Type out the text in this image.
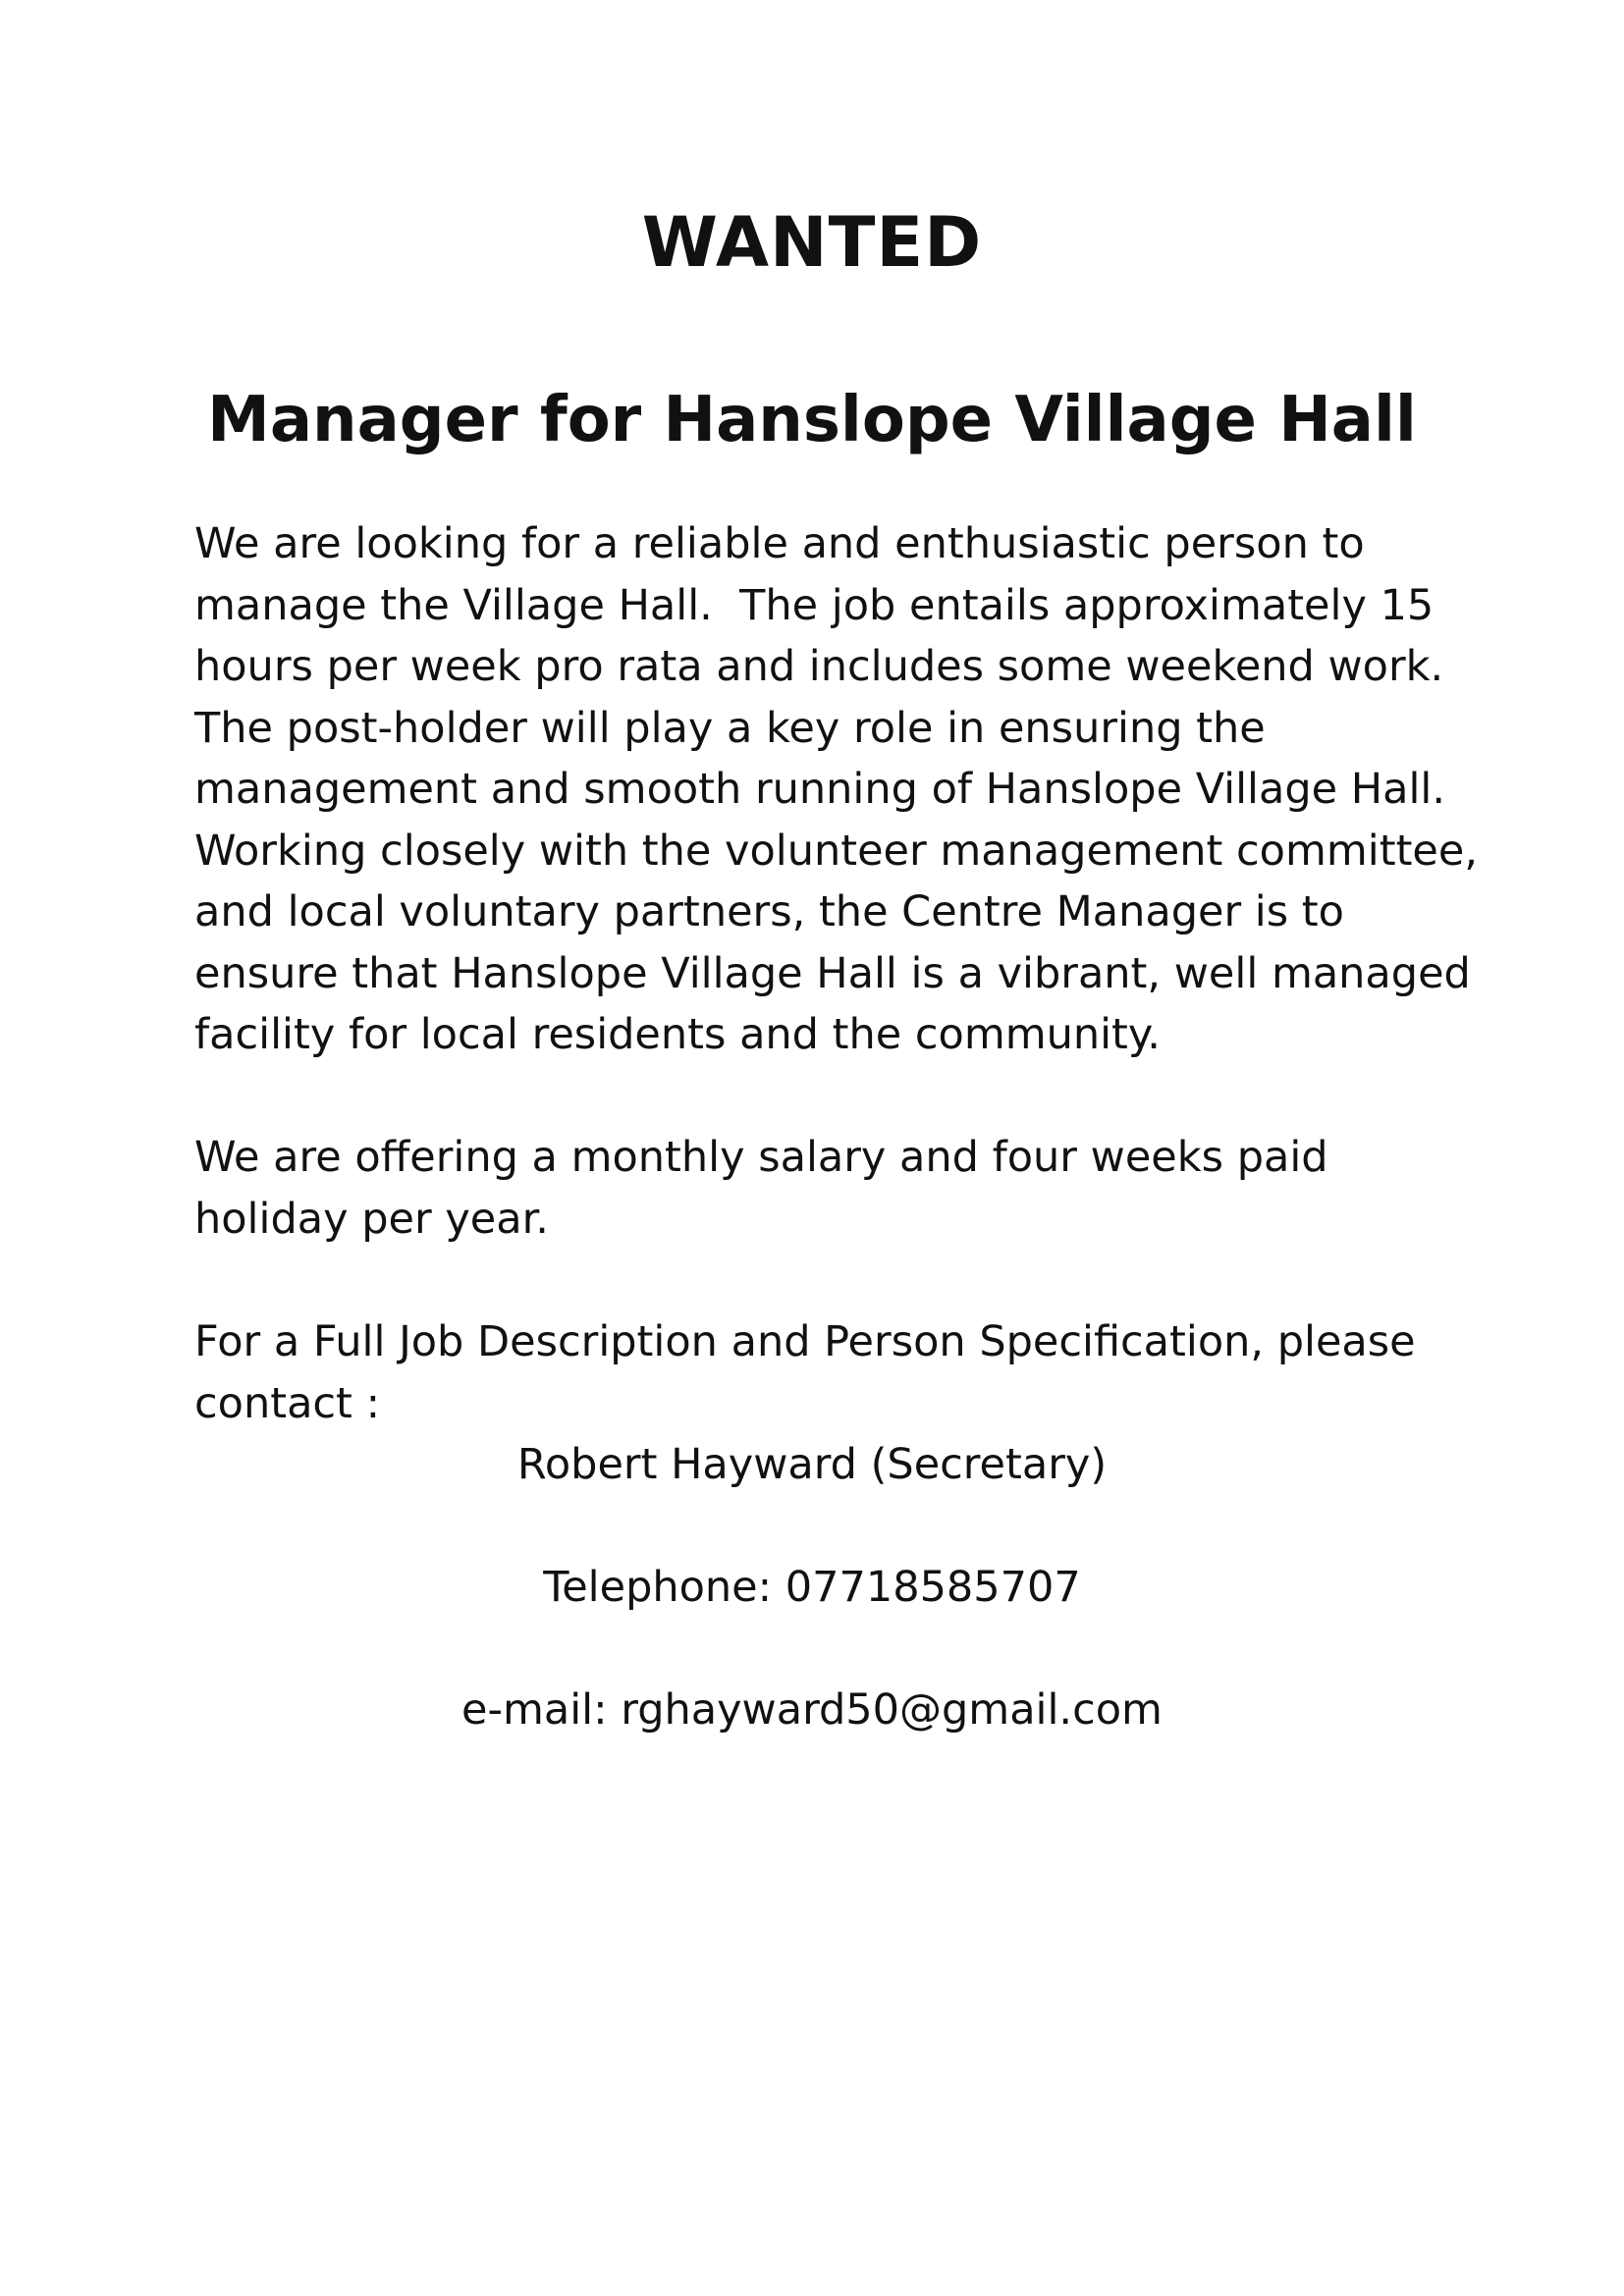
WANTED
Manager for Hanslope Village Hall
We are looking for a reliable and enthusiastic person to
manage the Village Hall.  The job entails approximately 15
hours per week pro rata and includes some weekend work.
The post-holder will play a key role in ensuring the
management and smooth running of Hanslope Village Hall.
Working closely with the volunteer management committee,
and local voluntary partners, the Centre Manager is to
ensure that Hanslope Village Hall is a vibrant, well managed
facility for local residents and the community.
We are offering a monthly salary and four weeks paid
holiday per year.
For a Full Job Description and Person Specification, please
contact :
Robert Hayward (Secretary)
Telephone: 07718585707
e-mail: rghayward50@gmail.com
